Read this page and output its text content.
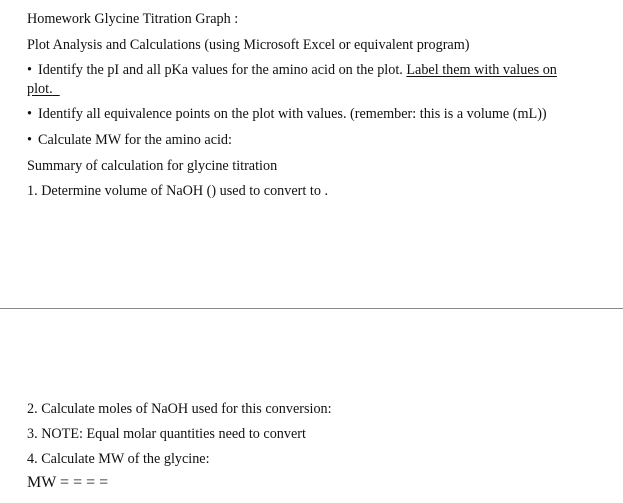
Homework Glycine Titration Graph :
Plot Analysis and Calculations (using Microsoft Excel or equivalent program)
• Identify the pI and all pKa values for the amino acid on the plot. Label them with values on
plot.
• Identify all equivalence points on the plot with values. (remember: this is a volume (mL))
• Calculate MW for the amino acid:
Summary of calculation for glycine titration
1. Determine volume of NaOH () used to convert to .
2. Calculate moles of NaOH used for this conversion:
3. NOTE: Equal molar quantities need to convert
4. Calculate MW of the glycine:
MW = = = =
